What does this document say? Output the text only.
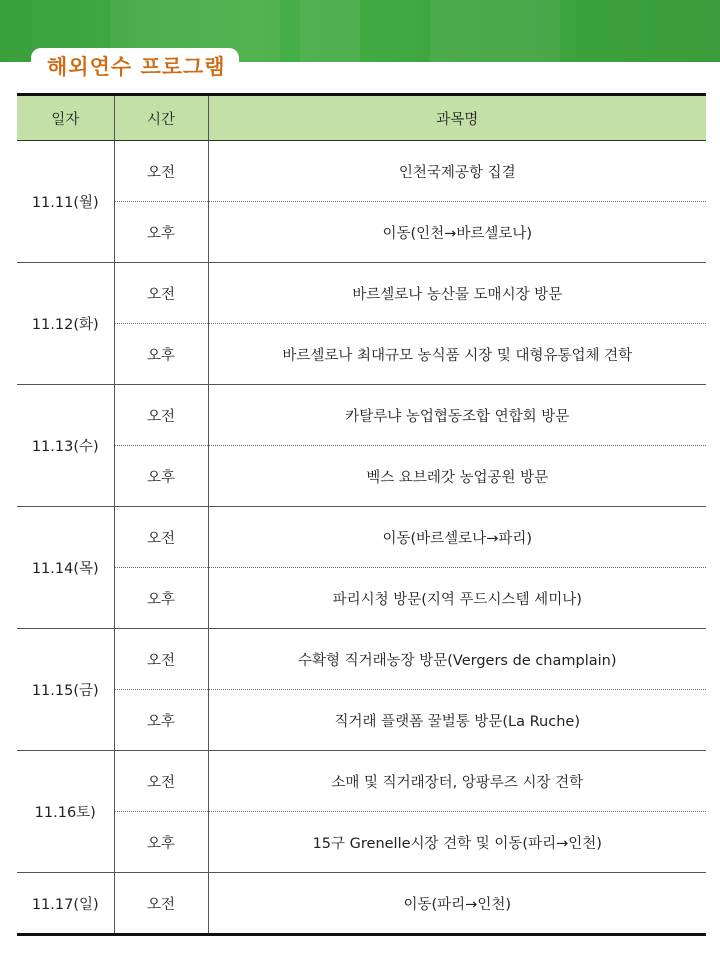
해외연수 프로그램
일자	시간	과목명
11.11(월)	오전	인천국제공항 집결
	오후	이동(인천→바르셀로나)
11.12(화)	오전	바르셀로나 농산물 도매시장 방문
	오후	바르셀로나 최대규모 농식품 시장 및 대형유통업체 견학
11.13(수)	오전	카탈루냐 농업협동조합 연합회 방문
	오후	벡스 요브레갓 농업공원 방문
11.14(목)	오전	이동(바르셀로나→파리)
	오후	파리시청 방문(지역 푸드시스템 세미나)
11.15(금)	오전	수확형 직거래농장 방문(Vergers de champlain)
	오후	직거래 플랫폼 꿀벌통 방문(La Ruche)
11.16토)	오전	소매 및 직거래장터, 앙팡루즈 시장 견학
	오후	15구 Grenelle시장 견학 및 이동(파리→인천)
11.17(일)	오전	이동(파리→인천)
